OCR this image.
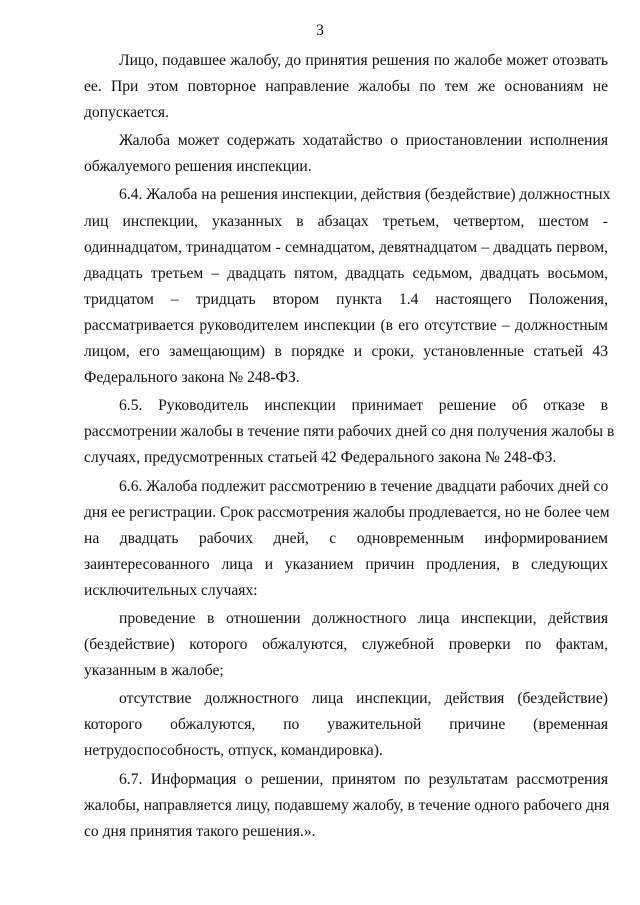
3
Лицо, подавшее жалобу, до принятия решения по жалобе может отозвать
ее. При этом повторное направление жалобы по тем же основаниям не
допускается.
Жалоба может содержать ходатайство о приостановлении исполнения
обжалуемого решения инспекции.
6.4. Жалоба на решения инспекции, действия (бездействие) должностных
лиц инспекции, указанных в абзацах третьем, четвертом, шестом -
одиннадцатом, тринадцатом - семнадцатом, девятнадцатом – двадцать первом,
двадцать третьем – двадцать пятом, двадцать седьмом, двадцать восьмом,
тридцатом – тридцать втором пункта 1.4 настоящего Положения,
рассматривается руководителем инспекции (в его отсутствие – должностным
лицом, его замещающим) в порядке и сроки, установленные статьей 43
Федерального закона № 248-ФЗ.
6.5. Руководитель инспекции принимает решение об отказе в
рассмотрении жалобы в течение пяти рабочих дней со дня получения жалобы в
случаях, предусмотренных статьей 42 Федерального закона № 248-ФЗ.
6.6. Жалоба подлежит рассмотрению в течение двадцати рабочих дней со
дня ее регистрации. Срок рассмотрения жалобы продлевается, но не более чем
на двадцать рабочих дней, с одновременным информированием
заинтересованного лица и указанием причин продления, в следующих
исключительных случаях:
проведение в отношении должностного лица инспекции, действия
(бездействие) которого обжалуются, служебной проверки по фактам,
указанным в жалобе;
отсутствие должностного лица инспекции, действия (бездействие)
которого обжалуются, по уважительной причине (временная
нетрудоспособность, отпуск, командировка).
6.7. Информация о решении, принятом по результатам рассмотрения
жалобы, направляется лицу, подавшему жалобу, в течение одного рабочего дня
со дня принятия такого решения.».
